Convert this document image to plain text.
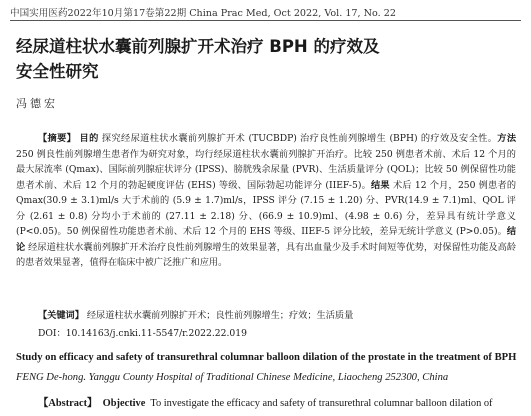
中国实用医药2022年10月第17卷第22期 China Prac Med, Oct 2022, Vol. 17, No. 22
经尿道柱状水囊前列腺扩开术治疗 BPH 的疗效及
安全性研究
冯德宏
【摘要】 目的 探究经尿道柱状水囊前列腺扩开术 (TUCBDP) 治疗良性前列腺增生 (BPH) 的疗效及安全性。方法 250 例良性前列腺增生患者作为研究对象，均行经尿道柱状水囊前列腺扩开治疗。比较 250 例患者术前、术后 12 个月的最大尿流率 (Qmax)、国际前列腺症状评分 (IPSS)、膀胱残余尿量 (PVR)、生活质量评分 (QOL)；比较 50 例保留性功能患者术前、术后 12 个月的勃起硬度评估 (EHS) 等级、国际勃起功能评分 (IIEF-5)。结果 术后 12 个月，250 例患者的 Qmax(30.9 ± 3.1)ml/s 大于术前的 (5.9 ± 1.7)ml/s，IPSS 评分 (7.15 ± 1.20) 分、PVR(14.9 ± 7.1)ml、QOL 评分 (2.61 ± 0.8) 分均小于术前的 (27.11 ± 2.18) 分、(66.9 ± 10.9)ml、(4.98 ± 0.6) 分，差异具有统计学意义 (P<0.05)。50 例保留性功能患者术前、术后 12 个月的 EHS 等级、IIEF-5 评分比较，差异无统计学意义 (P>0.05)。结论 经尿道柱状水囊前列腺扩开术治疗良性前列腺增生的效果显著，具有出血量少及手术时间短等优势，对保留性功能及高龄的患者效果显著，值得在临床中被广泛推广和应用。
【关键词】 经尿道柱状水囊前列腺扩开术；良性前列腺增生；疗效；生活质量
DOI：10.14163/j.cnki.11-5547/r.2022.22.019
Study on efficacy and safety of transurethral columnar balloon dilation of the prostate in the treatment of BPH  FENG De-hong. Yanggu County Hospital of Traditional Chinese Medicine, Liaocheng 252300, China
【Abstract】 Objective To investigate the efficacy and safety of transurethral columnar balloon dilation of
